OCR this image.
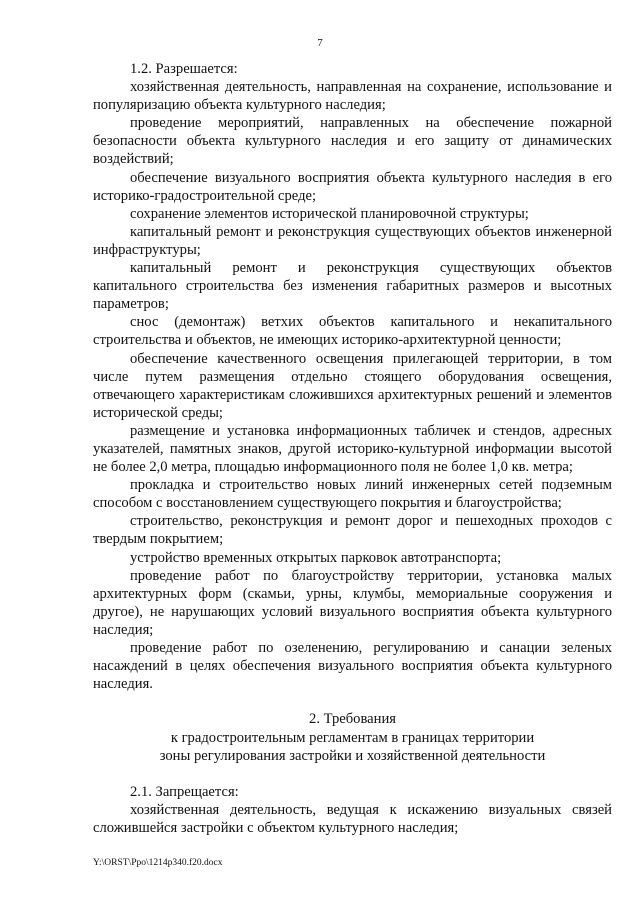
7
1.2. Разрешается:
хозяйственная деятельность, направленная на сохранение, использование и популяризацию объекта культурного наследия;
проведение мероприятий, направленных на обеспечение пожарной безопасности объекта культурного наследия и его защиту от динамических воздействий;
обеспечение визуального восприятия объекта культурного наследия в его историко-градостроительной среде;
сохранение элементов исторической планировочной структуры;
капитальный ремонт и реконструкция существующих объектов инженерной инфраструктуры;
капитальный ремонт и реконструкция существующих объектов капитального строительства без изменения габаритных размеров и высотных параметров;
снос (демонтаж) ветхих объектов капитального и некапитального строительства и объектов, не имеющих историко-архитектурной ценности;
обеспечение качественного освещения прилегающей территории, в том числе путем размещения отдельно стоящего оборудования освещения, отвечающего характеристикам сложившихся архитектурных решений и элементов исторической среды;
размещение и установка информационных табличек и стендов, адресных указателей, памятных знаков, другой историко-культурной информации высотой не более 2,0 метра, площадью информационного поля не более 1,0 кв. метра;
прокладка и строительство новых линий инженерных сетей подземным способом с восстановлением существующего покрытия и благоустройства;
строительство, реконструкция и ремонт дорог и пешеходных проходов с твердым покрытием;
устройство временных открытых парковок автотранспорта;
проведение работ по благоустройству территории, установка малых архитектурных форм (скамьи, урны, клумбы, мемориальные сооружения и другое), не нарушающих условий визуального восприятия объекта культурного наследия;
проведение работ по озеленению, регулированию и санации зеленых насаждений в целях обеспечения визуального восприятия объекта культурного наследия.
2. Требования
к градостроительным регламентам в границах территории
зоны регулирования застройки и хозяйственной деятельности
2.1. Запрещается:
хозяйственная деятельность, ведущая к искажению визуальных связей сложившейся застройки с объектом культурного наследия;
Y:\ORST\Ppo\1214p340.f20.docx
